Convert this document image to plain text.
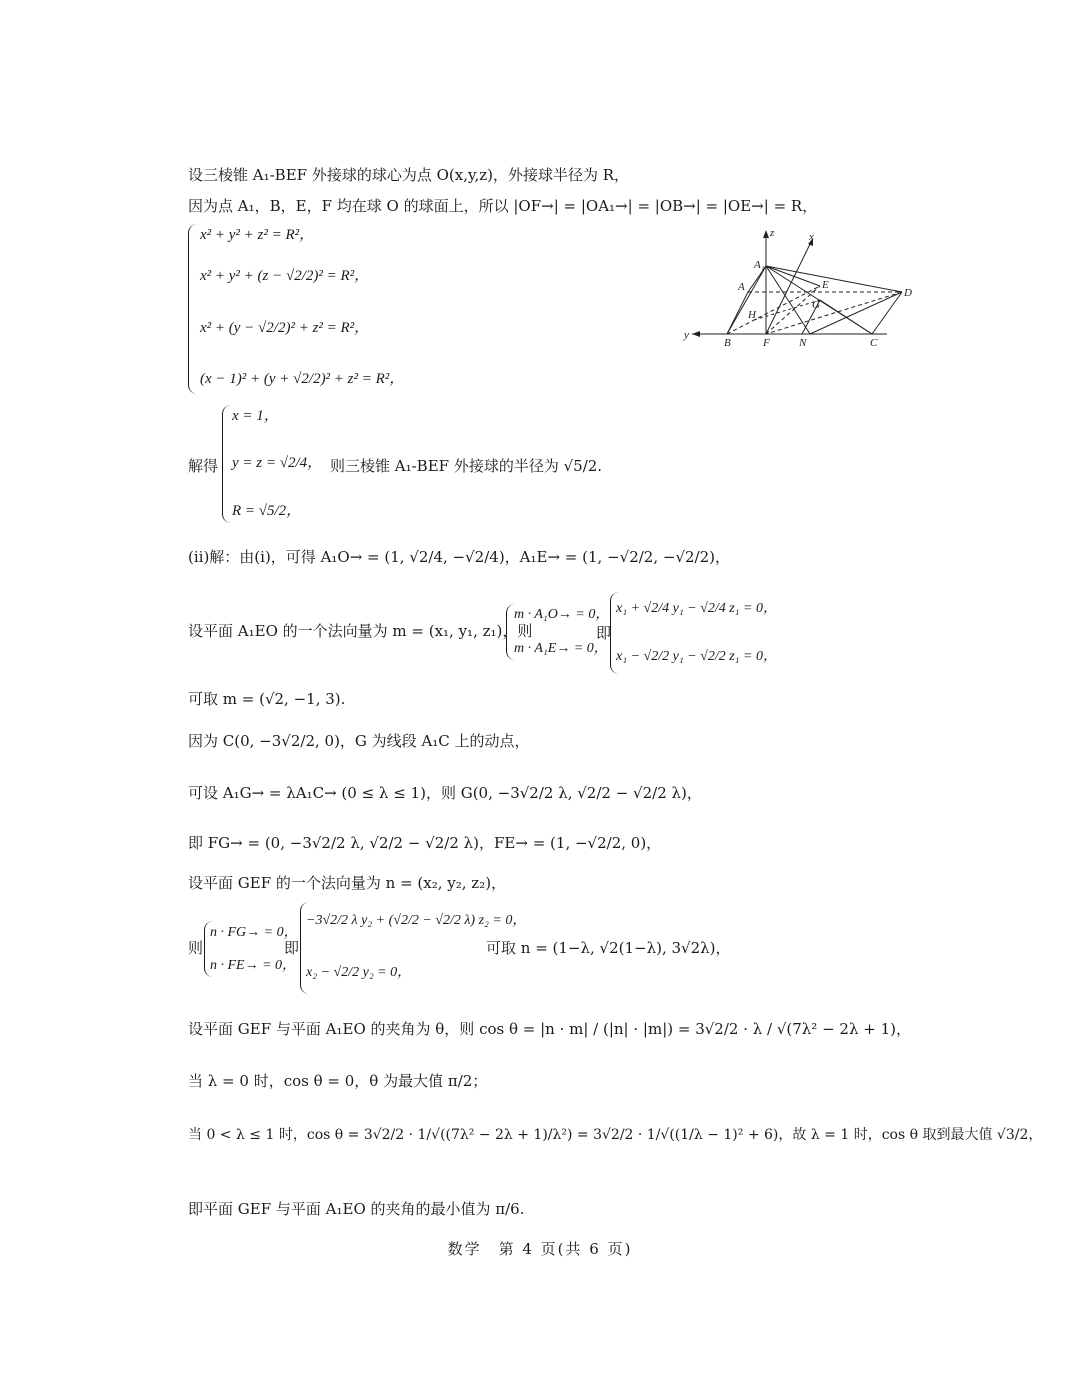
设三棱锥 A₁-BEF 外接球的球心为点 O(x,y,z)，外接球半径为 R，
因为点 A₁，B，E，F 均在球 O 的球面上，所以 |OF→| = |OA₁→| = |OB→| = |OE→| = R，
x² + y² + z² = R²，
x² + y² + (z − √2/2)² = R²，
x² + (y − √2/2)² + z² = R²，
(x − 1)² + (y + √2/2)² + z² = R²，
解得
x = 1，
y = z = √2/4，
R = √5/2，
则三棱锥 A₁-BEF 外接球的半径为 √5/2.
(ⅱ)解：由(ⅰ)，可得 A₁O→ = (1, √2/4, −√2/4)，A₁E→ = (1, −√2/2, −√2/2)，
设平面 A₁EO 的一个法向量为 m = (x₁, y₁, z₁)，则
m · A₁O→ = 0，
m · A₁E→ = 0，
即
x₁ + √2/4 y₁ − √2/4 z₁ = 0，
x₁ − √2/2 y₁ − √2/2 z₁ = 0，
可取 m = (√2, −1, 3).
因为 C(0, −3√2/2, 0)，G 为线段 A₁C 上的动点，
可设 A₁G→ = λA₁C→ (0 ≤ λ ≤ 1)，则 G(0, −3√2/2 λ, √2/2 − √2/2 λ)，
即 FG→ = (0, −3√2/2 λ, √2/2 − √2/2 λ)，FE→ = (1, −√2/2, 0)，
设平面 GEF 的一个法向量为 n = (x₂, y₂, z₂)，
则
n · FG→ = 0，
n · FE→ = 0，
即
−3√2/2 λ y₂ + (√2/2 − √2/2 λ) z₂ = 0，
x₂ − √2/2 y₂ = 0，
可取 n = (1−λ, √2(1−λ), 3√2λ)，
设平面 GEF 与平面 A₁EO 的夹角为 θ，则 cos θ = |n · m| / (|n| · |m|) = 3√2/2 · λ / √(7λ² − 2λ + 1)，
当 λ = 0 时，cos θ = 0，θ 为最大值 π/2；
当 0 < λ ≤ 1 时，cos θ = 3√2/2 · 1/√((7λ² − 2λ + 1)/λ²) = 3√2/2 · 1/√((1/λ − 1)² + 6)，故 λ = 1 时，cos θ 取到最大值 √3/2，
即平面 GEF 与平面 A₁EO 的夹角的最小值为 π/6.
数学　第 4 页(共 6 页)
z	x
y
A₁
A	E
D
G
H
B	F	N	C
